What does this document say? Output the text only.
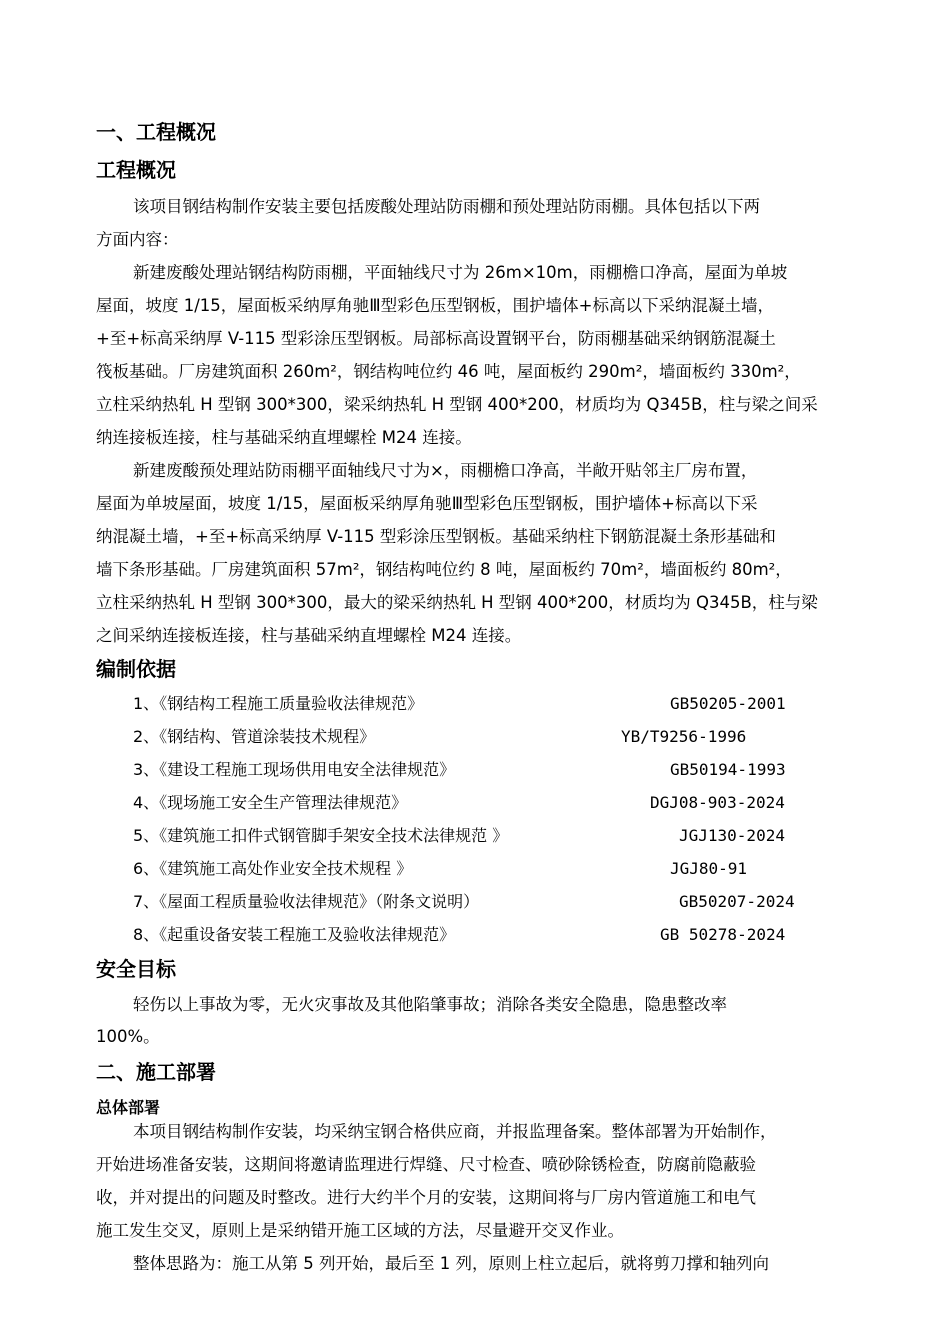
一、工程概况
工程概况
该项目钢结构制作安装主要包括废酸处理站防雨棚和预处理站防雨棚。具体包括以下两
方面内容：
新建废酸处理站钢结构防雨棚，平面轴线尺寸为 26m×10m，雨棚檐口净高，屋面为单坡
屋面，坡度 1/15，屋面板采纳厚角驰Ⅲ型彩色压型钢板，围护墙体+标高以下采纳混凝土墙，
+至+标高采纳厚 V-115 型彩涂压型钢板。局部标高设置钢平台，防雨棚基础采纳钢筋混凝土
筏板基础。厂房建筑面积 260m²，钢结构吨位约 46 吨，屋面板约 290m²，墙面板约 330m²，
立柱采纳热轧 H 型钢 300*300，梁采纳热轧 H 型钢 400*200，材质均为 Q345B，柱与梁之间采
纳连接板连接，柱与基础采纳直埋螺栓 M24 连接。
新建废酸预处理站防雨棚平面轴线尺寸为×，雨棚檐口净高，半敞开贴邻主厂房布置，
屋面为单坡屋面，坡度 1/15，屋面板采纳厚角驰Ⅲ型彩色压型钢板，围护墙体+标高以下采
纳混凝土墙，+至+标高采纳厚 V-115 型彩涂压型钢板。基础采纳柱下钢筋混凝土条形基础和
墙下条形基础。厂房建筑面积 57m²，钢结构吨位约 8 吨，屋面板约 70m²，墙面板约 80m²，
立柱采纳热轧 H 型钢 300*300，最大的梁采纳热轧 H 型钢 400*200，材质均为 Q345B，柱与梁
之间采纳连接板连接，柱与基础采纳直埋螺栓 M24 连接。
编制依据
1、《钢结构工程施工质量验收法律规范》	GB50205-2001
2、《钢结构、管道涂装技术规程》	YB/T9256-1996
3、《建设工程施工现场供用电安全法律规范》	GB50194-1993
4、《现场施工安全生产管理法律规范》	DGJ08-903-2024
5、《建筑施工扣件式钢管脚手架安全技术法律规范 》	JGJ130-2024
6、《建筑施工高处作业安全技术规程 》	JGJ80-91
7、《屋面工程质量验收法律规范》（附条文说明）	GB50207-2024
8、《起重设备安装工程施工及验收法律规范》	GB 50278-2024
安全目标
轻伤以上事故为零，无火灾事故及其他陷肇事故；消除各类安全隐患，隐患整改率
100%。
二、施工部署
总体部署
本项目钢结构制作安装，均采纳宝钢合格供应商，并报监理备案。整体部署为开始制作，
开始进场准备安装，这期间将邀请监理进行焊缝、尺寸检查、喷砂除锈检查，防腐前隐蔽验
收，并对提出的问题及时整改。进行大约半个月的安装，这期间将与厂房内管道施工和电气
施工发生交叉，原则上是采纳错开施工区域的方法，尽量避开交叉作业。
整体思路为：施工从第 5 列开始，最后至 1 列，原则上柱立起后，就将剪刀撑和轴列向
